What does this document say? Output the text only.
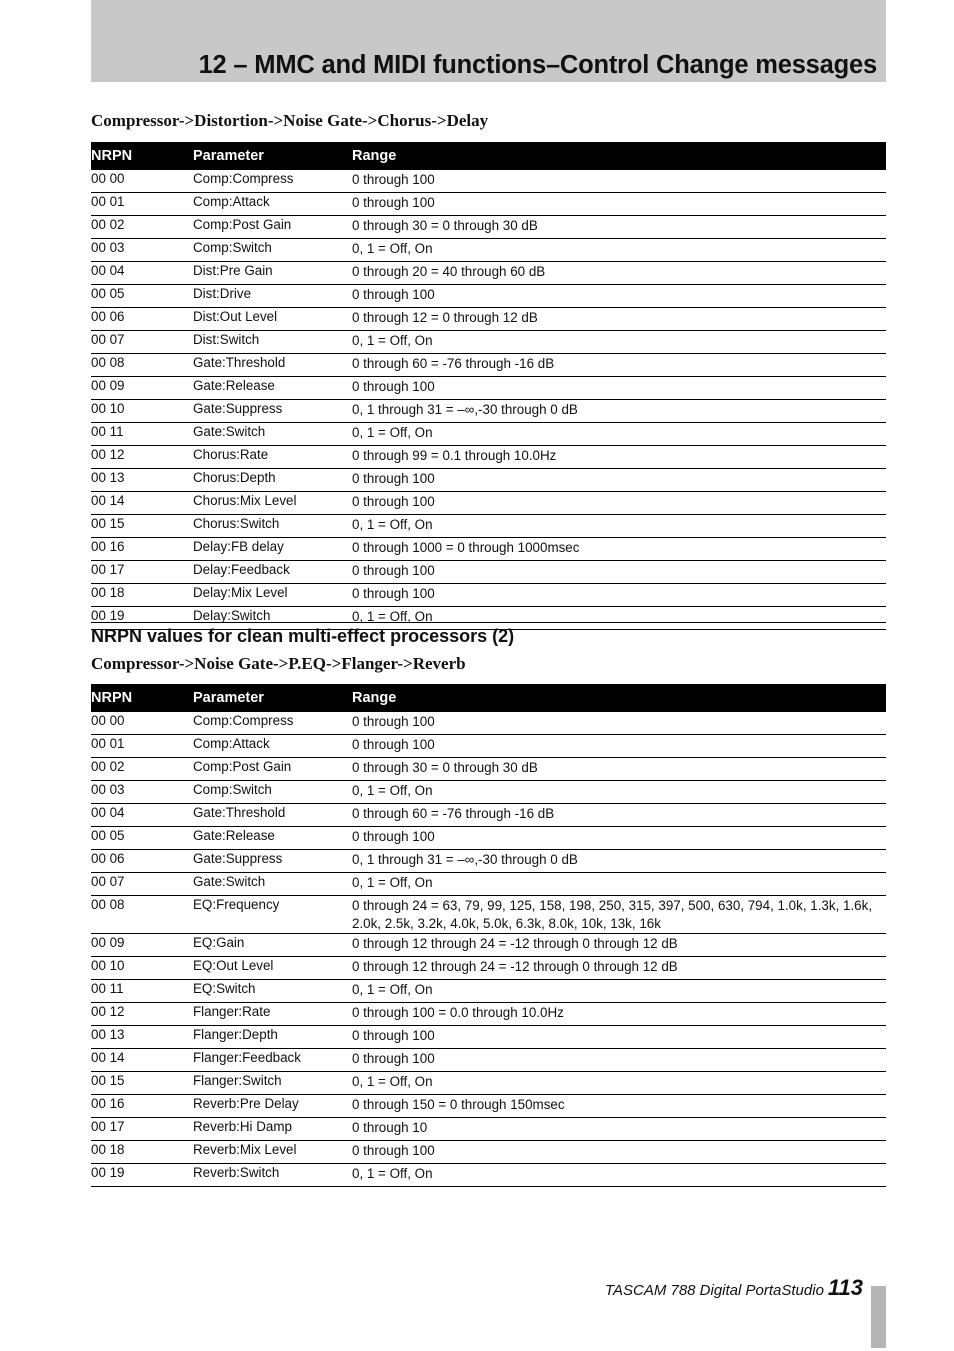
12 – MMC and MIDI functions–Control Change messages
Compressor->Distortion->Noise Gate->Chorus->Delay
NRPN	Parameter	Range
00 00	Comp:Compress	0 through 100
00 01	Comp:Attack	0 through 100
00 02	Comp:Post Gain	0 through 30 = 0 through 30 dB
00 03	Comp:Switch	0, 1 = Off, On
00 04	Dist:Pre Gain	0 through 20 = 40 through 60 dB
00 05	Dist:Drive	0 through 100
00 06	Dist:Out Level	0 through 12 = 0 through 12 dB
00 07	Dist:Switch	0, 1 = Off, On
00 08	Gate:Threshold	0 through 60 = -76 through -16 dB
00 09	Gate:Release	0 through 100
00 10	Gate:Suppress	0, 1 through 31 = –∞,-30 through 0 dB
00 11	Gate:Switch	0, 1 = Off, On
00 12	Chorus:Rate	0 through 99 = 0.1 through 10.0Hz
00 13	Chorus:Depth	0 through 100
00 14	Chorus:Mix Level	0 through 100
00 15	Chorus:Switch	0, 1 = Off, On
00 16	Delay:FB delay	0 through 1000 = 0 through 1000msec
00 17	Delay:Feedback	0 through 100
00 18	Delay:Mix Level	0 through 100
00 19	Delay:Switch	0, 1 = Off, On
NRPN values for clean multi-effect processors (2)
Compressor->Noise Gate->P.EQ->Flanger->Reverb
NRPN	Parameter	Range
00 00	Comp:Compress	0 through 100
00 01	Comp:Attack	0 through 100
00 02	Comp:Post Gain	0 through 30 = 0 through 30 dB
00 03	Comp:Switch	0, 1 = Off, On
00 04	Gate:Threshold	0 through 60 = -76 through -16 dB
00 05	Gate:Release	0 through 100
00 06	Gate:Suppress	0, 1 through 31 = –∞,-30 through 0 dB
00 07	Gate:Switch	0, 1 = Off, On
00 08	EQ:Frequency	0 through 24 = 63, 79, 99, 125, 158, 198, 250, 315, 397, 500, 630, 794, 1.0k, 1.3k, 1.6k, 2.0k, 2.5k, 3.2k, 4.0k, 5.0k, 6.3k, 8.0k, 10k, 13k, 16k
00 09	EQ:Gain	0 through 12 through 24 = -12 through 0 through 12 dB
00 10	EQ:Out Level	0 through 12 through 24 = -12 through 0 through 12 dB
00 11	EQ:Switch	0, 1 = Off, On
00 12	Flanger:Rate	0 through 100 = 0.0 through 10.0Hz
00 13	Flanger:Depth	0 through 100
00 14	Flanger:Feedback	0 through 100
00 15	Flanger:Switch	0, 1 = Off, On
00 16	Reverb:Pre Delay	0 through 150 = 0 through 150msec
00 17	Reverb:Hi Damp	0 through 10
00 18	Reverb:Mix Level	0 through 100
00 19	Reverb:Switch	0, 1 = Off, On
TASCAM 788 Digital PortaStudio 113
